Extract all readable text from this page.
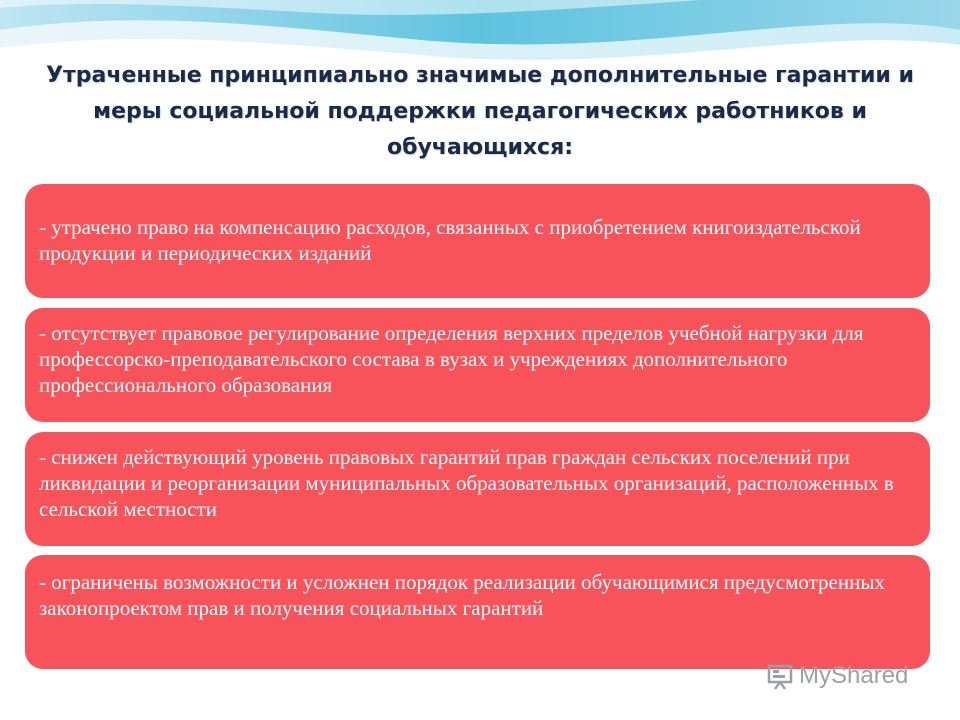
Утраченные принципиально значимые дополнительные гарантии и меры социальной поддержки педагогических работников и обучающихся:
- утрачено право на компенсацию расходов, связанных с приобретением книгоиздательской продукции и периодических изданий
- отсутствует правовое регулирование определения верхних пределов учебной нагрузки для профессорско-преподавательского состава в вузах и учреждениях дополнительного профессионального образования
- снижен действующий уровень правовых гарантий прав граждан сельских поселений при ликвидации и реорганизации муниципальных образовательных организаций, расположенных в сельской местности
- ограничены возможности и усложнен порядок реализации обучающимися предусмотренных законопроектом прав и получения социальных гарантий
MyShared
